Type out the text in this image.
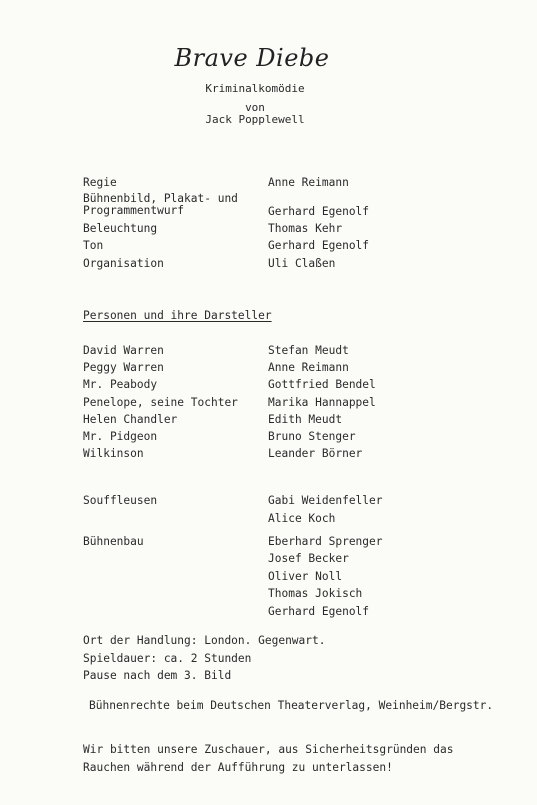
Brave Diebe
Kriminalkomödie
von
Jack Popplewell
Regie	Anne Reimann
Bühnenbild, Plakat- und
Programmentwurf	Gerhard Egenolf
Beleuchtung	Thomas Kehr
Ton	Gerhard Egenolf
Organisation	Uli Claßen
Personen und ihre Darsteller
David Warren	Stefan Meudt
Peggy Warren	Anne Reimann
Mr. Peabody	Gottfried Bendel
Penelope, seine Tochter	Marika Hannappel
Helen Chandler	Edith Meudt
Mr. Pidgeon	Bruno Stenger
Wilkinson	Leander Börner
Souffleusen	Gabi Weidenfeller
Alice Koch
Bühnenbau	Eberhard Sprenger
Josef Becker
Oliver Noll
Thomas Jokisch
Gerhard Egenolf
Ort der Handlung: London. Gegenwart.
Spieldauer: ca. 2 Stunden
Pause nach dem 3. Bild
Bühnenrechte beim Deutschen Theaterverlag, Weinheim/Bergstr.
Wir bitten unsere Zuschauer, aus Sicherheitsgründen das
Rauchen während der Aufführung zu unterlassen!
